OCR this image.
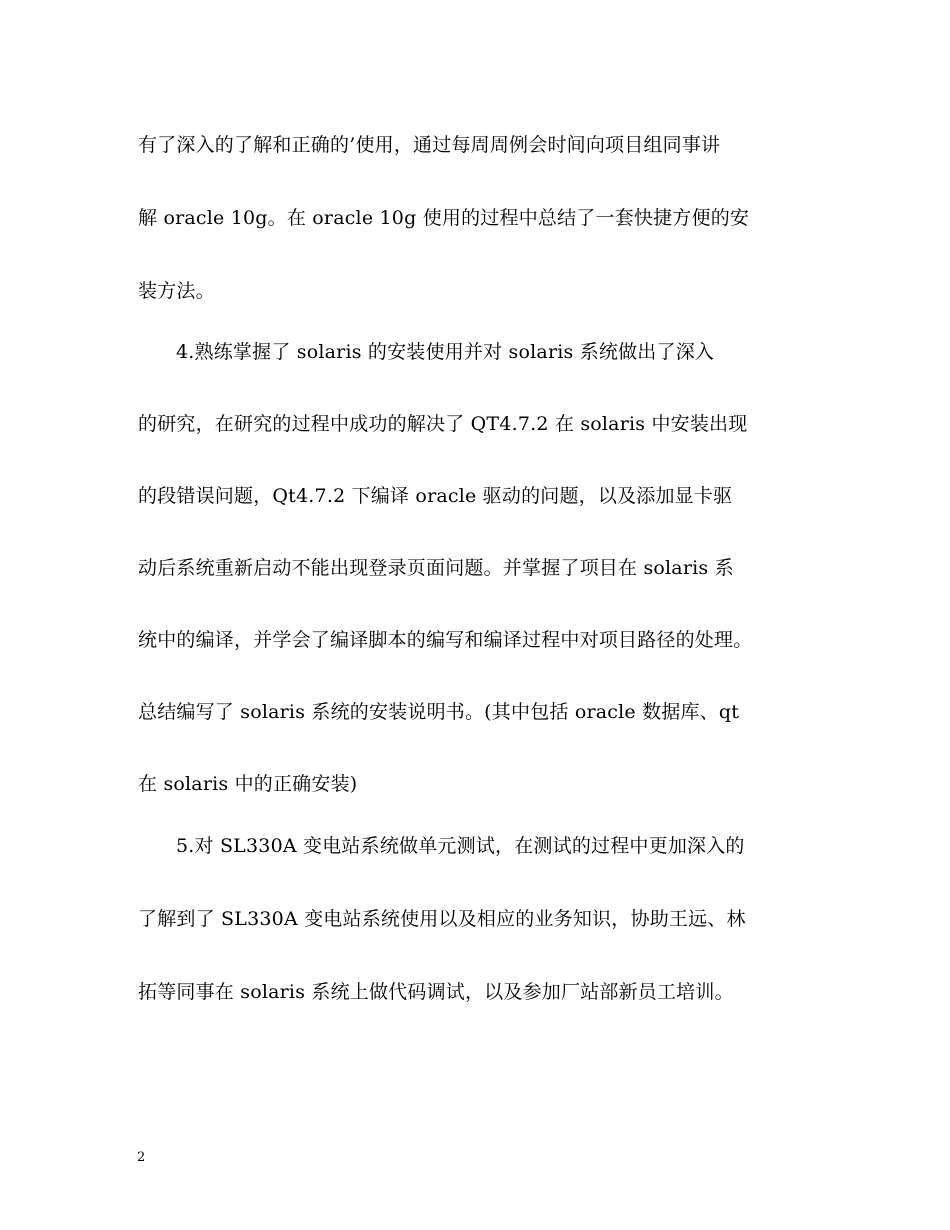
有了深入的了解和正确的’使用，通过每周周例会时间向项目组同事讲
解 oracle 10g。在 oracle 10g 使用的过程中总结了一套快捷方便的安
装方法。
4.熟练掌握了 solaris 的安装使用并对 solaris 系统做出了深入
的研究，在研究的过程中成功的解决了 QT4.7.2 在 solaris 中安装出现
的段错误问题，Qt4.7.2 下编译 oracle 驱动的问题，以及添加显卡驱
动后系统重新启动不能出现登录页面问题。并掌握了项目在 solaris 系
统中的编译，并学会了编译脚本的编写和编译过程中对项目路径的处理。
总结编写了 solaris 系统的安装说明书。(其中包括 oracle 数据库、qt
在 solaris 中的正确安装)
5.对 SL330A 变电站系统做单元测试，在测试的过程中更加深入的
了解到了 SL330A 变电站系统使用以及相应的业务知识，协助王远、林
拓等同事在 solaris 系统上做代码调试，以及参加厂站部新员工培训。
2
